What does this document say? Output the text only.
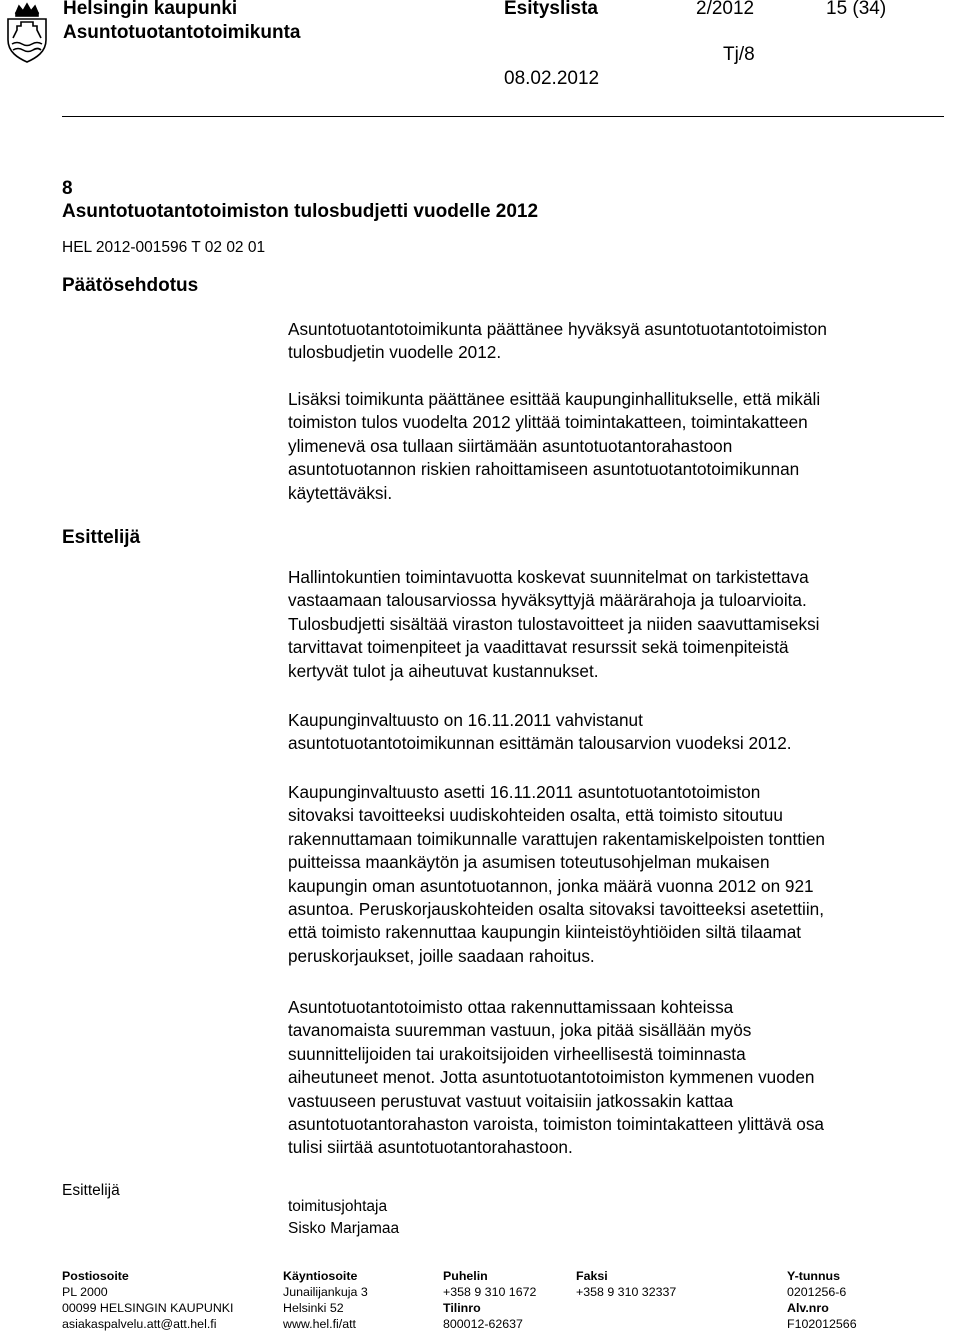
Helsingin kaupunki
Asuntotuotantotoimikunta
Esityslista	2/2012	15 (34)
Tj/8
08.02.2012
8
Asuntotuotantotoimiston tulosbudjetti vuodelle 2012
HEL 2012-001596 T 02 02 01
Päätösehdotus
Esittelijä

Asuntotuotantotoimikunta päättänee hyväksyä asuntotuotantotoimiston

tulosbudjetin vuodelle 2012.

Lisäksi toimikunta päättänee esittää kaupunginhallitukselle, että mikäli

toimiston tulos vuodelta 2012 ylittää toimintakatteen, toimintakatteen

ylimenevä osa tullaan siirtämään asuntotuotantorahastoon

asuntotuotannon riskien rahoittamiseen asuntotuotantotoimikunnan

käytettäväksi.

Hallintokuntien toimintavuotta koskevat suunnitelmat on tarkistettava

vastaamaan talousarviossa hyväksyttyjä määrärahoja ja tuloarvioita.

Tulosbudjetti sisältää viraston tulostavoitteet ja niiden saavuttamiseksi

tarvittavat toimenpiteet ja vaadittavat resurssit sekä toimenpiteistä

kertyvät tulot ja aiheutuvat kustannukset.

Kaupunginvaltuusto on 16.11.2011 vahvistanut

asuntotuotantotoimikunnan esittämän talousarvion vuodeksi 2012.

Kaupunginvaltuusto asetti 16.11.2011 asuntotuotantotoimiston

sitovaksi tavoitteeksi uudiskohteiden osalta, että toimisto sitoutuu

rakennuttamaan toimikunnalle varattujen rakentamiskelpoisten tonttien

puitteissa maankäytön ja asumisen toteutusohjelman mukaisen

kaupungin oman asuntotuotannon, jonka määrä vuonna 2012 on 921

asuntoa. Peruskorjauskohteiden osalta sitovaksi tavoitteeksi asetettiin,

että toimisto rakennuttaa kaupungin kiinteistöyhtiöiden siltä tilaamat

peruskorjaukset, joille saadaan rahoitus.

Asuntotuotantotoimisto ottaa rakennuttamissaan kohteissa

tavanomaista suuremman vastuun, joka pitää sisällään myös

suunnittelijoiden tai urakoitsijoiden virheellisestä toiminnasta

aiheutuneet menot. Jotta asuntotuotantotoimiston kymmenen vuoden

vastuuseen perustuvat vastuut voitaisiin jatkossakin kattaa

asuntotuotantorahaston varoista, toimiston toimintakatteen ylittävä osa

tulisi siirtää asuntotuotantorahastoon.

Esittelijä
toimitusjohtaja
Sisko Marjamaa
Postiosoite
PL 2000
00099 HELSINGIN KAUPUNKI
asiakaspalvelu.att@att.hel.fi
Käyntiosoite
Junailijankuja 3
Helsinki 52
www.hel.fi/att
Puhelin
+358 9 310 1672
Tilinro
800012-62637
Faksi
+358 9 310 32337
Y-tunnus
0201256-6
Alv.nro
F102012566
